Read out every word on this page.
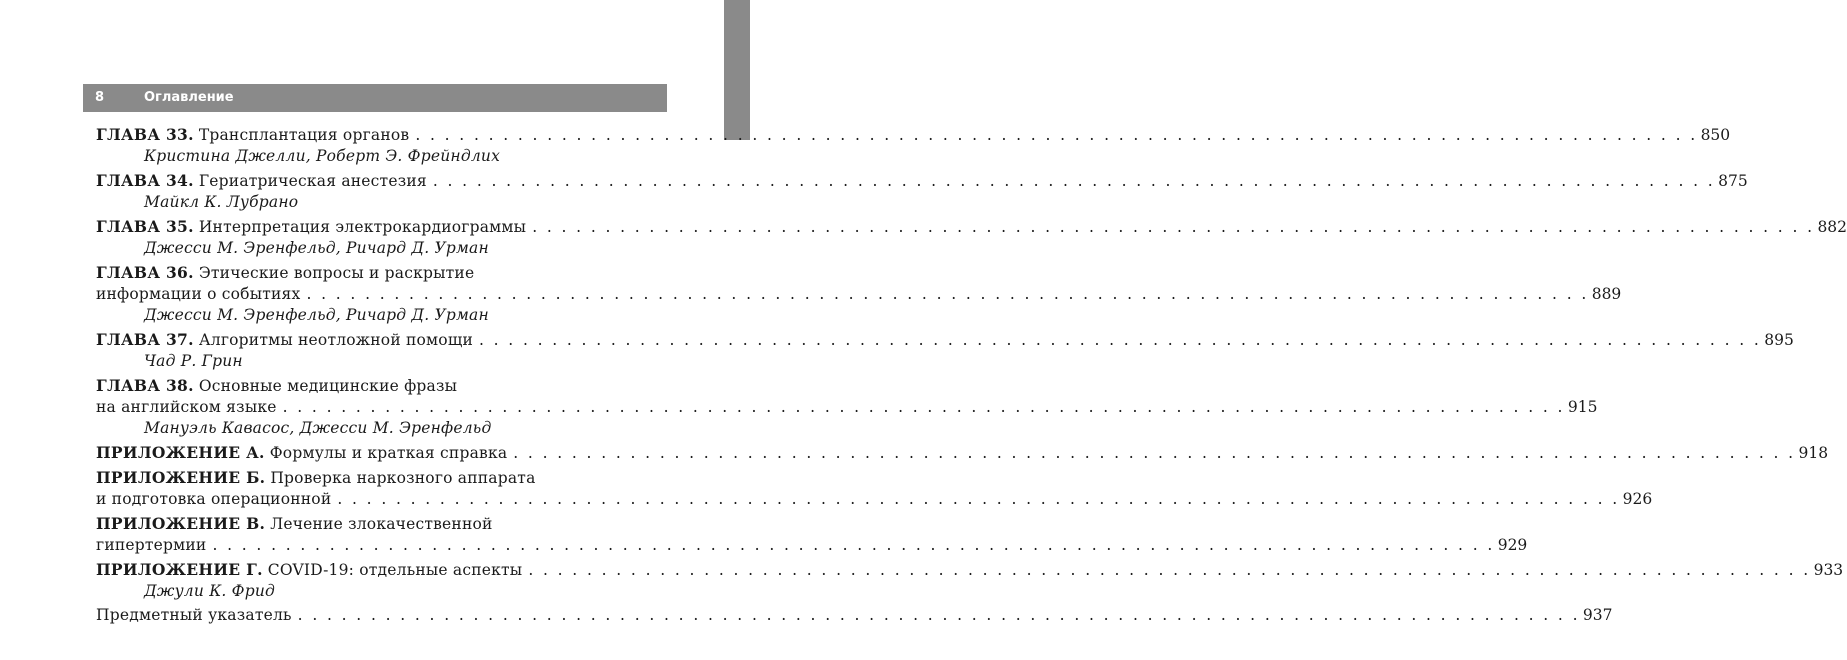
8	Оглавление
ГЛАВА 33. Трансплантация органов . . . . . . . . . . . . . . . . . . . . . . . . . . . . . . . . . . . . . . . . . . . . . . . . . . . . . . . . . . . . . . . . . . . . . . . . . . . . . . . . . . . . . . . . 850
Кристина Джелли, Роберт Э. Фрейндлих
ГЛАВА 34. Гериатрическая анестезия . . . . . . . . . . . . . . . . . . . . . . . . . . . . . . . . . . . . . . . . . . . . . . . . . . . . . . . . . . . . . . . . . . . . . . . . . . . . . . . . . . . . . . . . 875
Майкл К. Лубрано
ГЛАВА 35. Интерпретация электрокардиограммы . . . . . . . . . . . . . . . . . . . . . . . . . . . . . . . . . . . . . . . . . . . . . . . . . . . . . . . . . . . . . . . . . . . . . . . . . . . . . . . . . . . . . . . . 882
Джесси М. Эренфельд, Ричард Д. Урман
ГЛАВА 36. Этические вопросы и раскрытие
информации о событиях . . . . . . . . . . . . . . . . . . . . . . . . . . . . . . . . . . . . . . . . . . . . . . . . . . . . . . . . . . . . . . . . . . . . . . . . . . . . . . . . . . . . . . . . 889
Джесси М. Эренфельд, Ричард Д. Урман
ГЛАВА 37. Алгоритмы неотложной помощи . . . . . . . . . . . . . . . . . . . . . . . . . . . . . . . . . . . . . . . . . . . . . . . . . . . . . . . . . . . . . . . . . . . . . . . . . . . . . . . . . . . . . . . . 895
Чад Р. Грин
ГЛАВА 38. Основные медицинские фразы
на английском языке . . . . . . . . . . . . . . . . . . . . . . . . . . . . . . . . . . . . . . . . . . . . . . . . . . . . . . . . . . . . . . . . . . . . . . . . . . . . . . . . . . . . . . . . 915
Мануэль Кавасос, Джесси М. Эренфельд
ПРИЛОЖЕНИЕ А. Формулы и краткая справка . . . . . . . . . . . . . . . . . . . . . . . . . . . . . . . . . . . . . . . . . . . . . . . . . . . . . . . . . . . . . . . . . . . . . . . . . . . . . . . . . . . . . . . . 918
ПРИЛОЖЕНИЕ Б. Проверка наркозного аппарата
и подготовка операционной . . . . . . . . . . . . . . . . . . . . . . . . . . . . . . . . . . . . . . . . . . . . . . . . . . . . . . . . . . . . . . . . . . . . . . . . . . . . . . . . . . . . . . . . 926
ПРИЛОЖЕНИЕ В. Лечение злокачественной
гипертермии . . . . . . . . . . . . . . . . . . . . . . . . . . . . . . . . . . . . . . . . . . . . . . . . . . . . . . . . . . . . . . . . . . . . . . . . . . . . . . . . . . . . . . . . 929
ПРИЛОЖЕНИЕ Г. COVID-19: отдельные аспекты . . . . . . . . . . . . . . . . . . . . . . . . . . . . . . . . . . . . . . . . . . . . . . . . . . . . . . . . . . . . . . . . . . . . . . . . . . . . . . . . . . . . . . . . 933
Джули К. Фрид
Предметный указатель . . . . . . . . . . . . . . . . . . . . . . . . . . . . . . . . . . . . . . . . . . . . . . . . . . . . . . . . . . . . . . . . . . . . . . . . . . . . . . . . . . . . . . . . 937
